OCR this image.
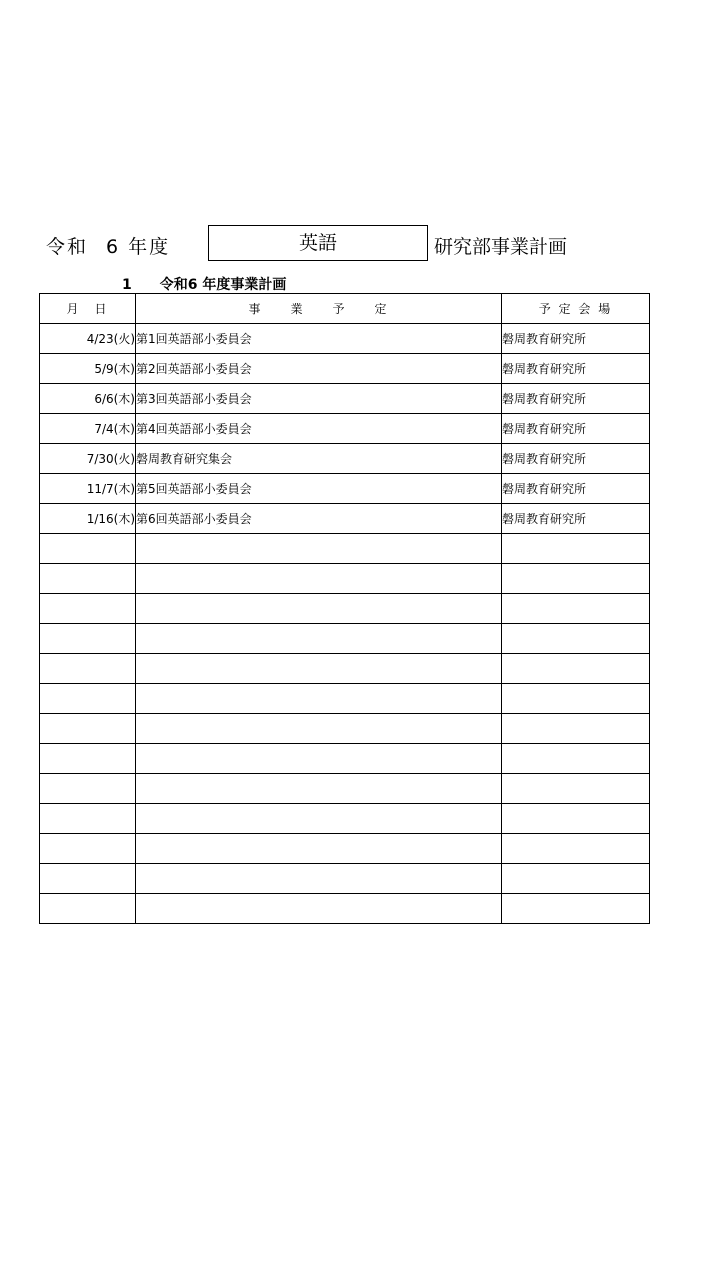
令和 6 年度	英語	研究部事業計画
1 令和6 年度事業計画
月　日	事　　業　　予　　定	予 定 会 場
4/23(火)	第1回英語部小委員会	磐周教育研究所
5/9(木)	第2回英語部小委員会	磐周教育研究所
6/6(木)	第3回英語部小委員会	磐周教育研究所
7/4(木)	第4回英語部小委員会	磐周教育研究所
7/30(火)	磐周教育研究集会	磐周教育研究所
11/7(木)	第5回英語部小委員会	磐周教育研究所
1/16(木)	第6回英語部小委員会	磐周教育研究所
